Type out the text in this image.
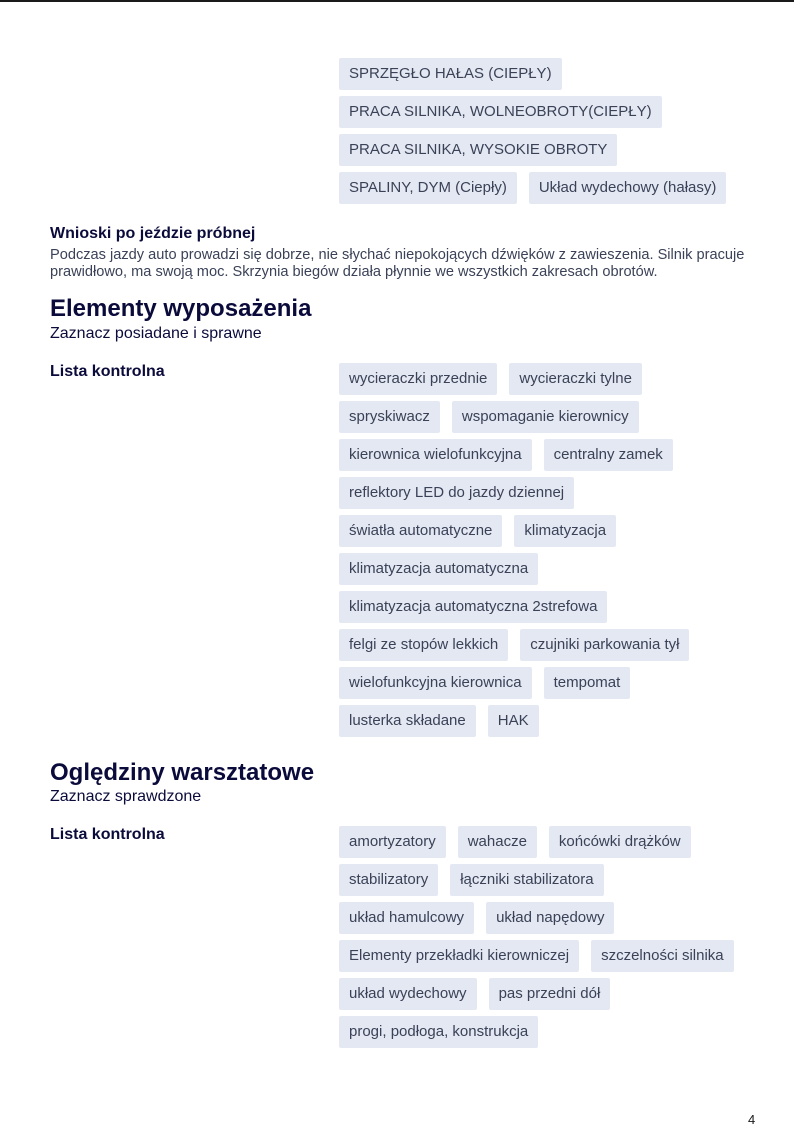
SPRZĘGŁO HAŁAS (CIEPŁY)
PRACA SILNIKA, WOLNEOBROTY(CIEPŁY)
PRACA SILNIKA, WYSOKIE OBROTY
SPALINY, DYM (Ciepły)	Układ wydechowy (hałasy)
Wnioski po jeździe próbnej
Podczas jazdy auto prowadzi się dobrze, nie słychać niepokojących dźwięków z zawieszenia. Silnik pracuje prawidłowo, ma swoją moc. Skrzynia biegów działa płynnie we wszystkich zakresach obrotów.
Elementy wyposażenia
Zaznacz posiadane i sprawne
Lista kontrolna	wycieraczki przednie	wycieraczki tylne
spryskiwacz	wspomaganie kierownicy
kierownica wielofunkcyjna	centralny zamek
reflektory LED do jazdy dziennej
światła automatyczne	klimatyzacja
klimatyzacja automatyczna
klimatyzacja automatyczna 2strefowa
felgi ze stopów lekkich	czujniki parkowania tył
wielofunkcyjna kierownica	tempomat
lusterka składane	HAK
Oględziny warsztatowe
Zaznacz sprawdzone
Lista kontrolna	amortyzatory	wahacze	końcówki drążków
stabilizatory	łączniki stabilizatora
układ hamulcowy	układ napędowy
Elementy przekładki kierowniczej	szczelności silnika
układ wydechowy	pas przedni dół
progi, podłoga, konstrukcja
4
